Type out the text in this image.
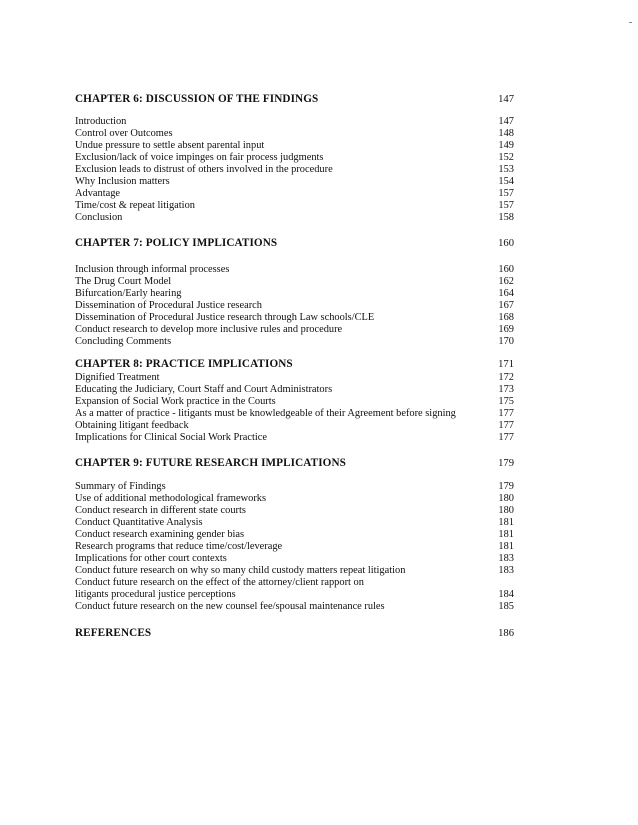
CHAPTER 6: DISCUSSION OF THE FINDINGS	147
Introduction	147
Control over Outcomes	148
Undue pressure to settle absent parental input	149
Exclusion/lack of voice impinges on fair process judgments	152
Exclusion leads to distrust of others involved in the procedure	153
Why Inclusion matters	154
Advantage	157
Time/cost & repeat litigation	157
Conclusion	158
CHAPTER 7: POLICY IMPLICATIONS	160
Inclusion through informal processes	160
The Drug Court Model	162
Bifurcation/Early hearing	164
Dissemination of Procedural Justice research	167
Dissemination of Procedural Justice research through Law schools/CLE	168
Conduct research to develop more inclusive rules and procedure	169
Concluding Comments	170
CHAPTER 8: PRACTICE IMPLICATIONS	171
Dignified Treatment	172
Educating the Judiciary, Court Staff and Court Administrators	173
Expansion of Social Work practice in the Courts	175
As a matter of practice - litigants must be knowledgeable of their Agreement before signing	177
Obtaining litigant feedback	177
Implications for Clinical Social Work Practice	177
CHAPTER 9: FUTURE RESEARCH IMPLICATIONS	179
Summary of Findings	179
Use of additional methodological frameworks	180
Conduct research in different state courts	180
Conduct Quantitative Analysis	181
Conduct research examining gender bias	181
Research programs that reduce time/cost/leverage	181
Implications for other court contexts	183
Conduct future research on why so many child custody matters repeat litigation	183
Conduct future research on the effect of the attorney/client rapport on
litigants procedural justice perceptions	184
Conduct future research on the new counsel fee/spousal maintenance rules	185
REFERENCES	186
